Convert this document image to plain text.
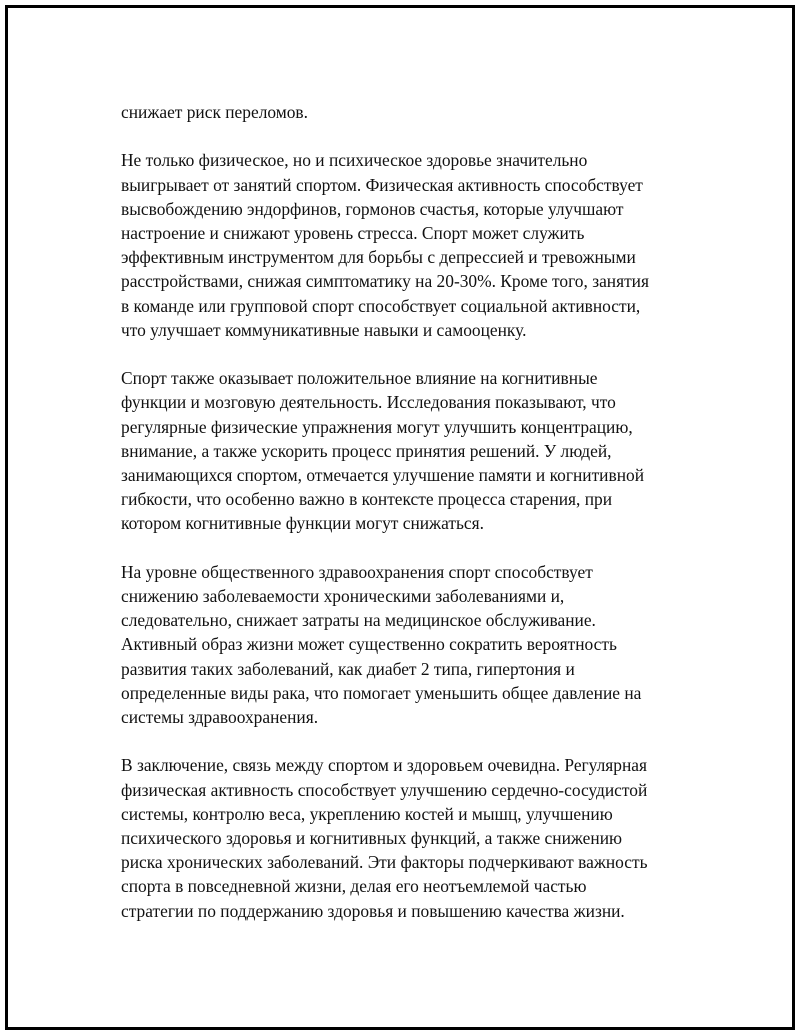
снижает риск переломов.

Не только физическое, но и психическое здоровье значительно
выигрывает от занятий спортом. Физическая активность способствует
высвобождению эндорфинов, гормонов счастья, которые улучшают
настроение и снижают уровень стресса. Спорт может служить
эффективным инструментом для борьбы с депрессией и тревожными
расстройствами, снижая симптоматику на 20-30%. Кроме того, занятия
в команде или групповой спорт способствует социальной активности,
что улучшает коммуникативные навыки и самооценку.

Спорт также оказывает положительное влияние на когнитивные
функции и мозговую деятельность. Исследования показывают, что
регулярные физические упражнения могут улучшить концентрацию,
внимание, а также ускорить процесс принятия решений. У людей,
занимающихся спортом, отмечается улучшение памяти и когнитивной
гибкости, что особенно важно в контексте процесса старения, при
котором когнитивные функции могут снижаться.

На уровне общественного здравоохранения спорт способствует
снижению заболеваемости хроническими заболеваниями и,
следовательно, снижает затраты на медицинское обслуживание.
Активный образ жизни может существенно сократить вероятность
развития таких заболеваний, как диабет 2 типа, гипертония и
определенные виды рака, что помогает уменьшить общее давление на
системы здравоохранения.

В заключение, связь между спортом и здоровьем очевидна. Регулярная
физическая активность способствует улучшению сердечно-сосудистой
системы, контролю веса, укреплению костей и мышц, улучшению
психического здоровья и когнитивных функций, а также снижению
риска хронических заболеваний. Эти факторы подчеркивают важность
спорта в повседневной жизни, делая его неотъемлемой частью
стратегии по поддержанию здоровья и повышению качества жизни.
